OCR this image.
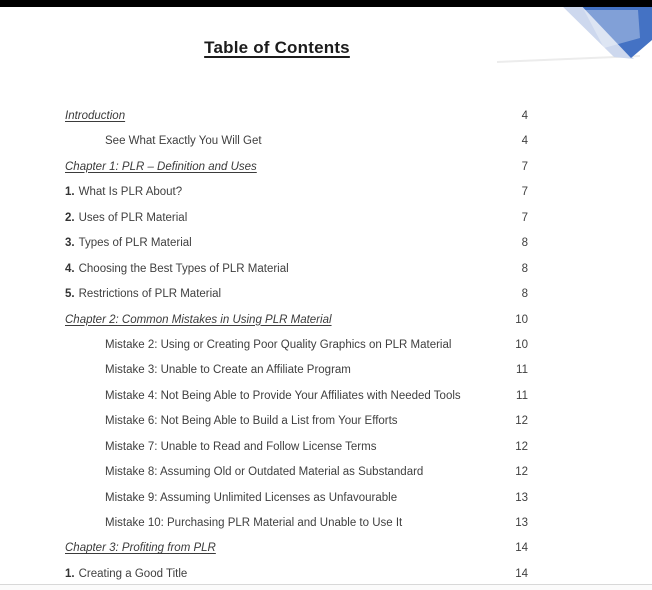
Table of Contents
Introduction	4
See What Exactly You Will Get	4
Chapter 1: PLR – Definition and Uses	7
1. What Is PLR About?	7
2. Uses of PLR Material	7
3. Types of PLR Material	8
4. Choosing the Best Types of PLR Material	8
5. Restrictions of PLR Material	8
Chapter 2: Common Mistakes in Using PLR Material	10
Mistake 2: Using or Creating Poor Quality Graphics on PLR Material	10
Mistake 3: Unable to Create an Affiliate Program	11
Mistake 4: Not Being Able to Provide Your Affiliates with Needed Tools	11
Mistake 6: Not Being Able to Build a List from Your Efforts	12
Mistake 7: Unable to Read and Follow License Terms	12
Mistake 8: Assuming Old or Outdated Material as Substandard	12
Mistake 9: Assuming Unlimited Licenses as Unfavourable	13
Mistake 10: Purchasing PLR Material and Unable to Use It	13
Chapter 3: Profiting from PLR	14
1. Creating a Good Title	14
